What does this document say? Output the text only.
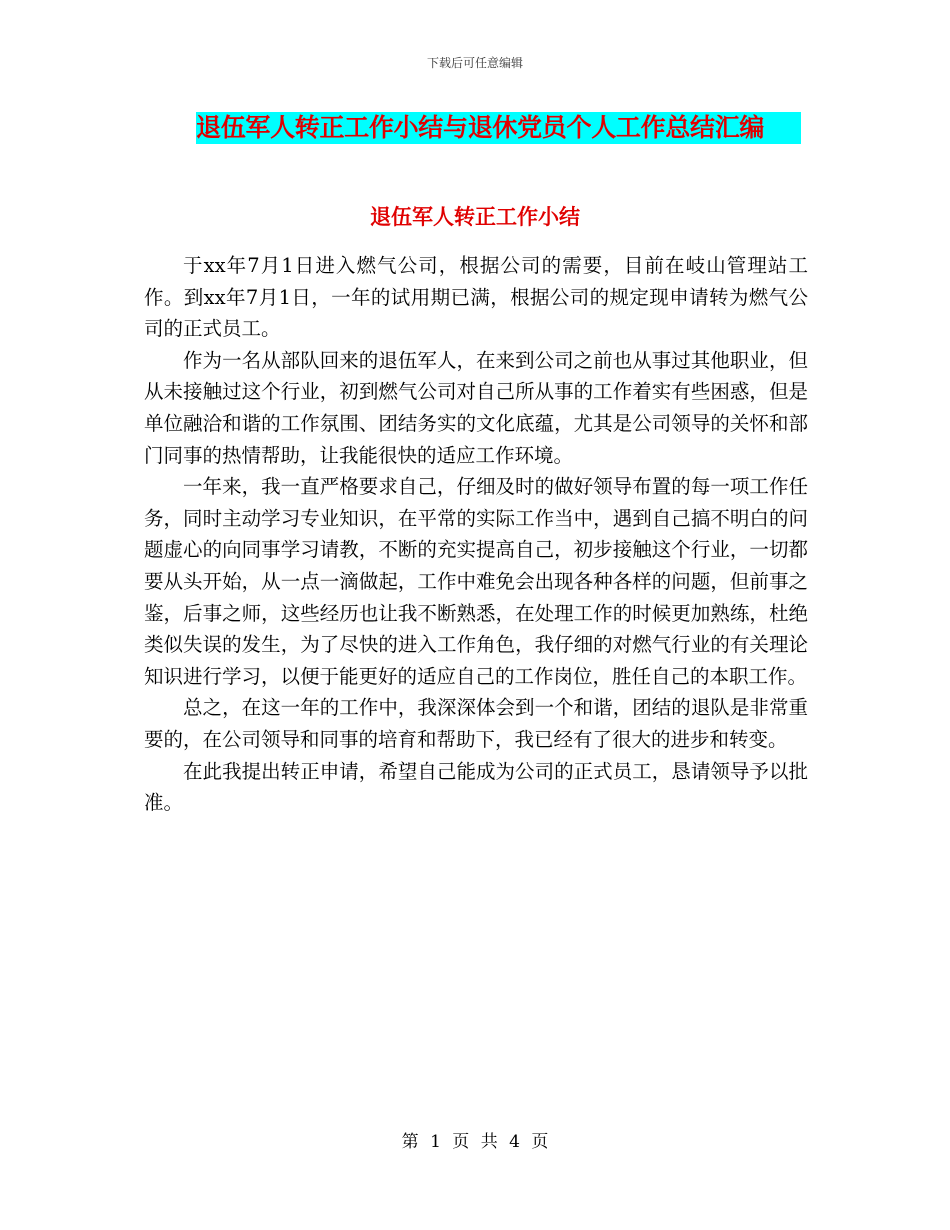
下载后可任意编辑
退伍军人转正工作小结与退休党员个人工作总结汇编
退伍军人转正工作小结

于xx年7月1日进入燃气公司，根据公司的需要，目前在岐山管理站工作。到xx年7月1日，一年的试用期已满，根据公司的规定现申请转为燃气公司的正式员工。

作为一名从部队回来的退伍军人，在来到公司之前也从事过其他职业，但从未接触过这个行业，初到燃气公司对自己所从事的工作着实有些困惑，但是单位融洽和谐的工作氛围、团结务实的文化底蕴，尤其是公司领导的关怀和部门同事的热情帮助，让我能很快的适应工作环境。

一年来，我一直严格要求自己，仔细及时的做好领导布置的每一项工作任务，同时主动学习专业知识，在平常的实际工作当中，遇到自己搞不明白的问题虚心的向同事学习请教，不断的充实提高自己，初步接触这个行业，一切都要从头开始，从一点一滴做起，工作中难免会出现各种各样的问题，但前事之鉴，后事之师，这些经历也让我不断熟悉，在处理工作的时候更加熟练，杜绝类似失误的发生，为了尽快的进入工作角色，我仔细的对燃气行业的有关理论知识进行学习，以便于能更好的适应自己的工作岗位，胜任自己的本职工作。

总之，在这一年的工作中，我深深体会到一个和谐，团结的退队是非常重要的，在公司领导和同事的培育和帮助下，我已经有了很大的进步和转变。

在此我提出转正申请，希望自己能成为公司的正式员工，恳请领导予以批准。

第 1 页 共 4 页
